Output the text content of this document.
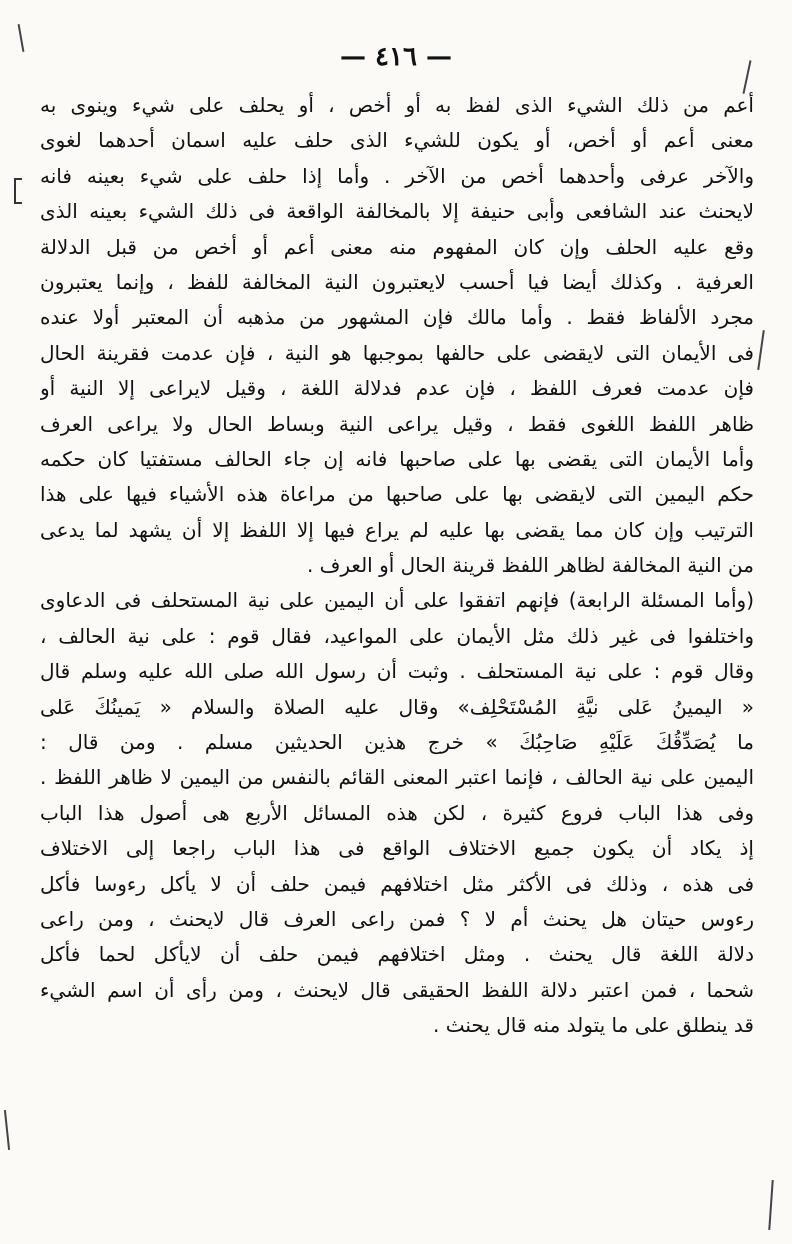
— ٤١٦ —
أعم من ذلك الشيء الذى لفظ به أو أخص ، أو يحلف على شيء وينوى به
معنى أعم أو أخص، أو يكون للشيء الذى حلف عليه اسمان أحدهما لغوى
والآخر عرفى وأحدهما أخص من الآخر . وأما إذا حلف على شيء بعينه فانه
لايحنث عند الشافعى وأبى حنيفة إلا بالمخالفة الواقعة فى ذلك الشيء بعينه الذى
وقع عليه الحلف وإن كان المفهوم منه معنى أعم أو أخص من قبل الدلالة
العرفية . وكذلك أيضا فيا أحسب لايعتبرون النية المخالفة للفظ ، وإنما يعتبرون
مجرد الألفاظ فقط . وأما مالك فإن المشهور من مذهبه أن المعتبر أولا عنده
فى الأيمان التى لايقضى على حالفها بموجبها هو النية ، فإن عدمت فقرينة الحال
فإن عدمت فعرف اللفظ ، فإن عدم فدلالة اللغة ، وقيل لايراعى إلا النية أو
ظاهر اللفظ اللغوى فقط ، وقيل يراعى النية وبساط الحال ولا يراعى العرف
وأما الأيمان التى يقضى بها على صاحبها فانه إن جاء الحالف مستفتيا كان حكمه
حكم اليمين التى لايقضى بها على صاحبها من مراعاة هذه الأشياء فيها على هذا
الترتيب وإن كان مما يقضى بها عليه لم يراع فيها إلا اللفظ إلا أن يشهد لما يدعى
من النية المخالفة لظاهر اللفظ قرينة الحال أو العرف .
(وأما المسئلة الرابعة) فإنهم اتفقوا على أن اليمين على نية المستحلف فى الدعاوى
واختلفوا فى غير ذلك مثل الأيمان على المواعيد، فقال قوم : على نية الحالف ،
وقال قوم : على نية المستحلف . وثبت أن رسول الله صلى الله عليه وسلم قال
« اليمينُ عَلى نيَّةِ المُسْتَحْلِف» وقال عليه الصلاة والسلام « يَمينُكَ عَلى
ما يُصَدِّقُكَ عَلَيْهِ صَاحِبُكَ » خرج هذين الحديثين مسلم . ومن قال :
اليمين على نية الحالف ، فإنما اعتبر المعنى القائم بالنفس من اليمين لا ظاهر اللفظ .
وفى هذا الباب فروع كثيرة ، لكن هذه المسائل الأربع هى أصول هذا الباب
إذ يكاد أن يكون جميع الاختلاف الواقع فى هذا الباب راجعا إلى الاختلاف
فى هذه ، وذلك فى الأكثر مثل اختلافهم فيمن حلف أن لا يأكل رءوسا فأكل
رءوس حيتان هل يحنث أم لا ؟ فمن راعى العرف قال لايحنث ، ومن راعى
دلالة اللغة قال يحنث . ومثل اختلافهم فيمن حلف أن لايأكل لحما فأكل
شحما ، فمن اعتبر دلالة اللفظ الحقيقى قال لايحنث ، ومن رأى أن اسم الشيء
قد ينطلق على ما يتولد منه قال يحنث .
